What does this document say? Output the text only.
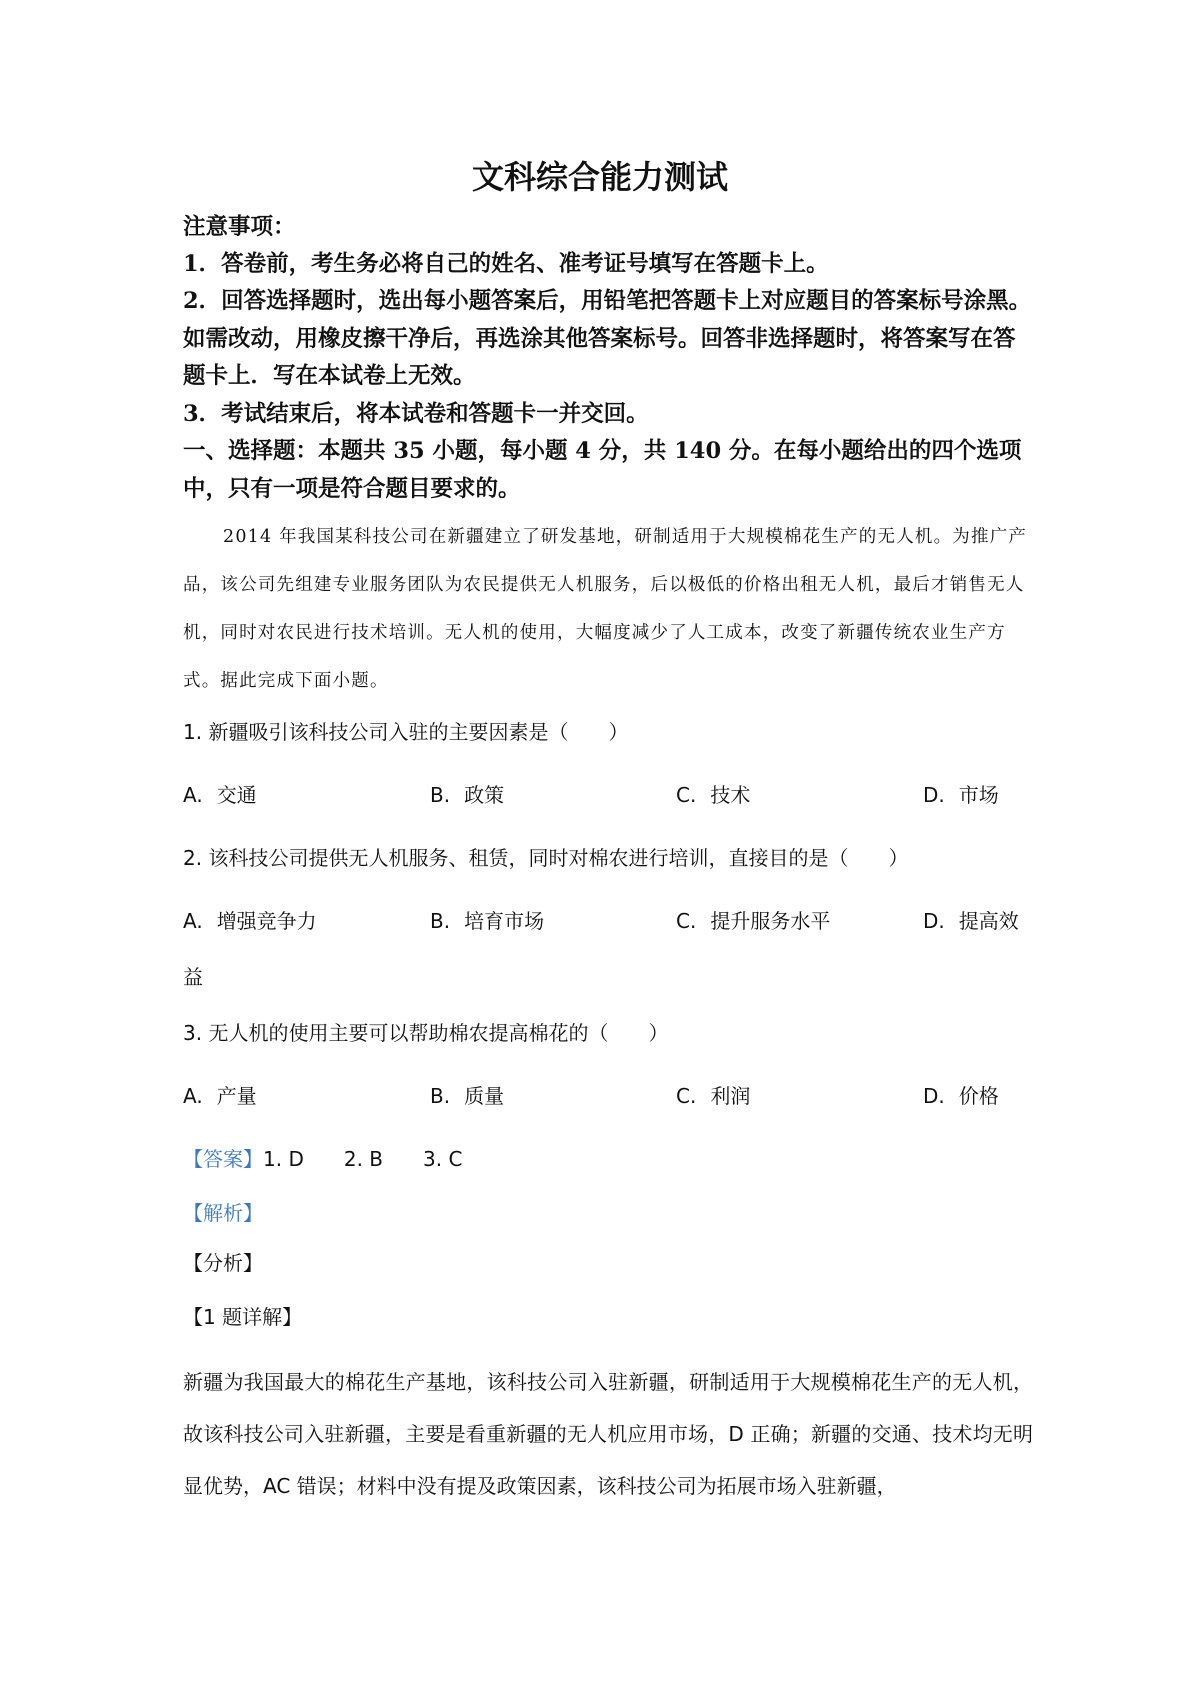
文科综合能力测试
注意事项：
1．答卷前，考生务必将自己的姓名、准考证号填写在答题卡上。
2．回答选择题时，选出每小题答案后，用铅笔把答题卡上对应题目的答案标号涂黑。如需改动，用橡皮擦干净后，再选涂其他答案标号。回答非选择题时，将答案写在答题卡上．写在本试卷上无效。
3．考试结束后，将本试卷和答题卡一并交回。
一、选择题：本题共 35 小题，每小题 4 分，共 140 分。在每小题给出的四个选项中，只有一项是符合题目要求的。
2014 年我国某科技公司在新疆建立了研发基地，研制适用于大规模棉花生产的无人机。为推广产品，该公司先组建专业服务团队为农民提供无人机服务，后以极低的价格出租无人机，最后才销售无人机，同时对农民进行技术培训。无人机的使用，大幅度减少了人工成本，改变了新疆传统农业生产方式。据此完成下面小题。
1. 新疆吸引该科技公司入驻的主要因素是（　　）
A. 交通	B. 政策	C. 技术	D. 市场
2. 该科技公司提供无人机服务、租赁，同时对棉农进行培训，直接目的是（　　）
A. 增强竞争力	B. 培育市场	C. 提升服务水平	D. 提高效
益
3. 无人机的使用主要可以帮助棉农提高棉花的（　　）
A. 产量	B. 质量	C. 利润	D. 价格
【答案】1. D 2. B 3. C
【解析】
【分析】
【1 题详解】
新疆为我国最大的棉花生产基地，该科技公司入驻新疆，研制适用于大规模棉花生产的无人机，故该科技公司入驻新疆，主要是看重新疆的无人机应用市场，D 正确；新疆的交通、技术均无明显优势，AC 错误；材料中没有提及政策因素，该科技公司为拓展市场入驻新疆，
